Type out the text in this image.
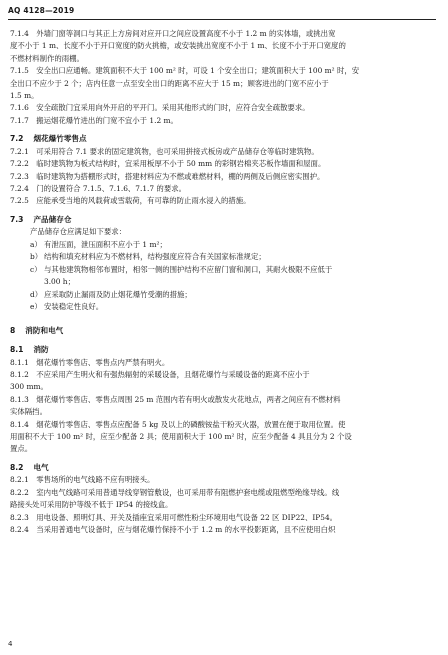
AQ 4128—2019

7.1.4　外墙门窗等洞口与其正上方房间对应开口之间应设置高度不小于 1.2 m 的实体墙，或挑出宽

度不小于 1 m、长度不小于开口宽度的防火挑檐，或安装挑出宽度不小于 1 m、长度不小于开口宽度的

不燃材料制作的雨棚。

7.1.5　安全出口应通畅。建筑面积不大于 100 m² 时，可设 1 个安全出口；建筑面积大于 100 m² 时，安

全出口不应少于 2 个；店内任意一点至安全出口的距离不应大于 15 m；顾客进出的门宽不应小于

1.5 m。

7.1.6　安全疏散门宜采用向外开启的平开门。采用其他形式的门时，应符合安全疏散要求。

7.1.7　搬运烟花爆竹进出的门宽不宜小于 1.2 m。

7.2 烟花爆竹零售点

7.2.1　可采用符合 7.1 要求的固定建筑物，也可采用拼接式板房或产品储存仓等临时建筑物。

7.2.2　临时建筑物为板式结构时，宜采用板厚不小于 50 mm 的彩钢岩棉夹芯板作墙面和屋面。

7.2.3　临时建筑物为搭棚形式时，搭建材料应为不燃或难燃材料，棚的两侧及后侧应密实围护。

7.2.4　门的设置符合 7.1.5、7.1.6、7.1.7 的要求。

7.2.5　应能承受当地的风载荷或雪载荷，有可靠的防止雨水浸入的措施。

7.3 产品储存仓

产品储存仓应满足如下要求：

a） 有泄压面，泄压面积不应小于 1 m²；

b） 结构和填充材料应为不燃材料，结构强度应符合有关国家标准规定；

c） 与其他建筑物相邻布置时，相邻一侧的围护结构不应留门窗和洞口，其耐火极限不应低于

3.00 h；

d） 应采取防止漏雨及防止烟花爆竹受潮的措施；

e） 安装稳定性良好。

8 消防和电气

8.1 消防

8.1.1　烟花爆竹零售店、零售点内严禁有明火。

8.1.2　不应采用产生明火和有强热辐射的采暖设备，且烟花爆竹与采暖设备的距离不应小于

300 mm。

8.1.3　烟花爆竹零售店、零售点周围 25 m 范围内若有明火或散发火花地点，两者之间应有不燃材料

实体隔挡。

8.1.4　烟花爆竹零售店、零售点应配备 5 kg 及以上的磷酸铵盐干粉灭火器，放置在便于取用位置。使

用面积不大于 100 m² 时，应至少配备 2 具；使用面积大于 100 m² 时，应至少配备 4 具且分为 2 个设

置点。

8.2 电气

8.2.1　零售场所的电气线路不应有明接头。

8.2.2　室内电气线路可采用普通导线穿钢管敷设，也可采用带有阻燃护套电缆或阻燃型绝缘导线。线

路接头处可采用防护等级不低于 IP54 的接线盒。

8.2.3　用电设备、照明灯具、开关及插座宜采用可燃性粉尘环境用电气设备 22 区 DIP22、IP54。

8.2.4　当采用普通电气设备时，应与烟花爆竹保持不小于 1.2 m 的水平投影距离，且不应使用白炽

4
